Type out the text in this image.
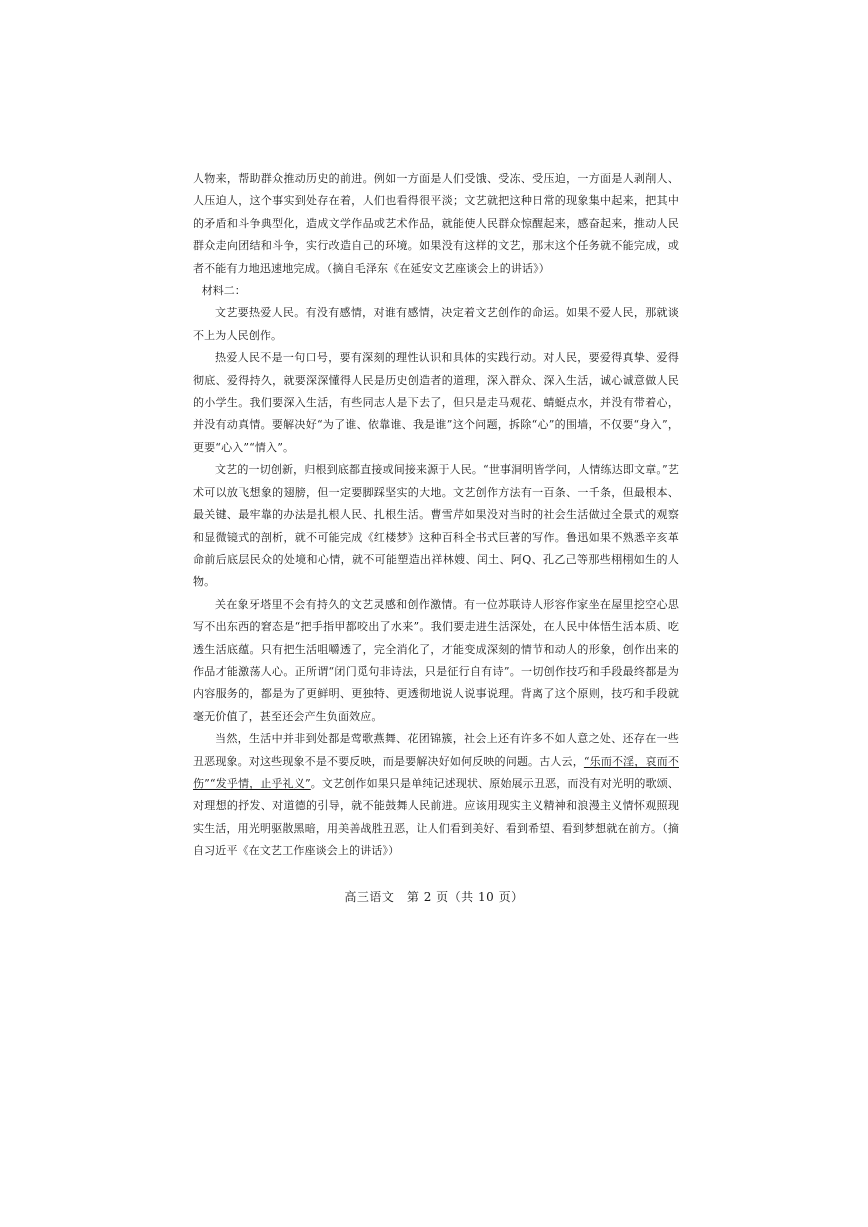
人物来，帮助群众推动历史的前进。例如一方面是人们受饿、受冻、受压迫，一方面是人剥削人、人压迫人，这个事实到处存在着，人们也看得很平淡；文艺就把这种日常的现象集中起来，把其中的矛盾和斗争典型化，造成文学作品或艺术作品，就能使人民群众惊醒起来，感奋起来，推动人民群众走向团结和斗争，实行改造自己的环境。如果没有这样的文艺，那末这个任务就不能完成，或者不能有力地迅速地完成。（摘自毛泽东《在延安文艺座谈会上的讲话》）

材料二：

文艺要热爱人民。有没有感情，对谁有感情，决定着文艺创作的命运。如果不爱人民，那就谈不上为人民创作。

热爱人民不是一句口号，要有深刻的理性认识和具体的实践行动。对人民，要爱得真挚、爱得彻底、爱得持久，就要深深懂得人民是历史创造者的道理，深入群众、深入生活，诚心诚意做人民的小学生。我们要深入生活，有些同志人是下去了，但只是走马观花、蜻蜓点水，并没有带着心，并没有动真情。要解决好“为了谁、依靠谁、我是谁”这个问题，拆除“心”的围墙，不仅要“身入”，更要“心入”“情入”。

文艺的一切创新，归根到底都直接或间接来源于人民。“世事洞明皆学问，人情练达即文章。”艺术可以放飞想象的翅膀，但一定要脚踩坚实的大地。文艺创作方法有一百条、一千条，但最根本、最关键、最牢靠的办法是扎根人民、扎根生活。曹雪芹如果没对当时的社会生活做过全景式的观察和显微镜式的剖析，就不可能完成《红楼梦》这种百科全书式巨著的写作。鲁迅如果不熟悉辛亥革命前后底层民众的处境和心情，就不可能塑造出祥林嫂、闰土、阿Q、孔乙己等那些栩栩如生的人物。

关在象牙塔里不会有持久的文艺灵感和创作激情。有一位苏联诗人形容作家坐在屋里挖空心思写不出东西的窘态是“把手指甲都咬出了水来”。我们要走进生活深处，在人民中体悟生活本质、吃透生活底蕴。只有把生活咀嚼透了，完全消化了，才能变成深刻的情节和动人的形象，创作出来的作品才能激荡人心。正所谓“闭门觅句非诗法，只是征行自有诗”。一切创作技巧和手段最终都是为内容服务的，都是为了更鲜明、更独特、更透彻地说人说事说理。背离了这个原则，技巧和手段就毫无价值了，甚至还会产生负面效应。

当然，生活中并非到处都是莺歌燕舞、花团锦簇，社会上还有许多不如人意之处、还存在一些丑恶现象。对这些现象不是不要反映，而是要解决好如何反映的问题。古人云，“乐而不淫，哀而不伤”“发乎情，止乎礼义”。文艺创作如果只是单纯记述现状、原始展示丑恶，而没有对光明的歌颂、对理想的抒发、对道德的引导，就不能鼓舞人民前进。应该用现实主义精神和浪漫主义情怀观照现实生活，用光明驱散黑暗，用美善战胜丑恶，让人们看到美好、看到希望、看到梦想就在前方。（摘自习近平《在文艺工作座谈会上的讲话》）

高三语文　第 2 页（共 10 页）
